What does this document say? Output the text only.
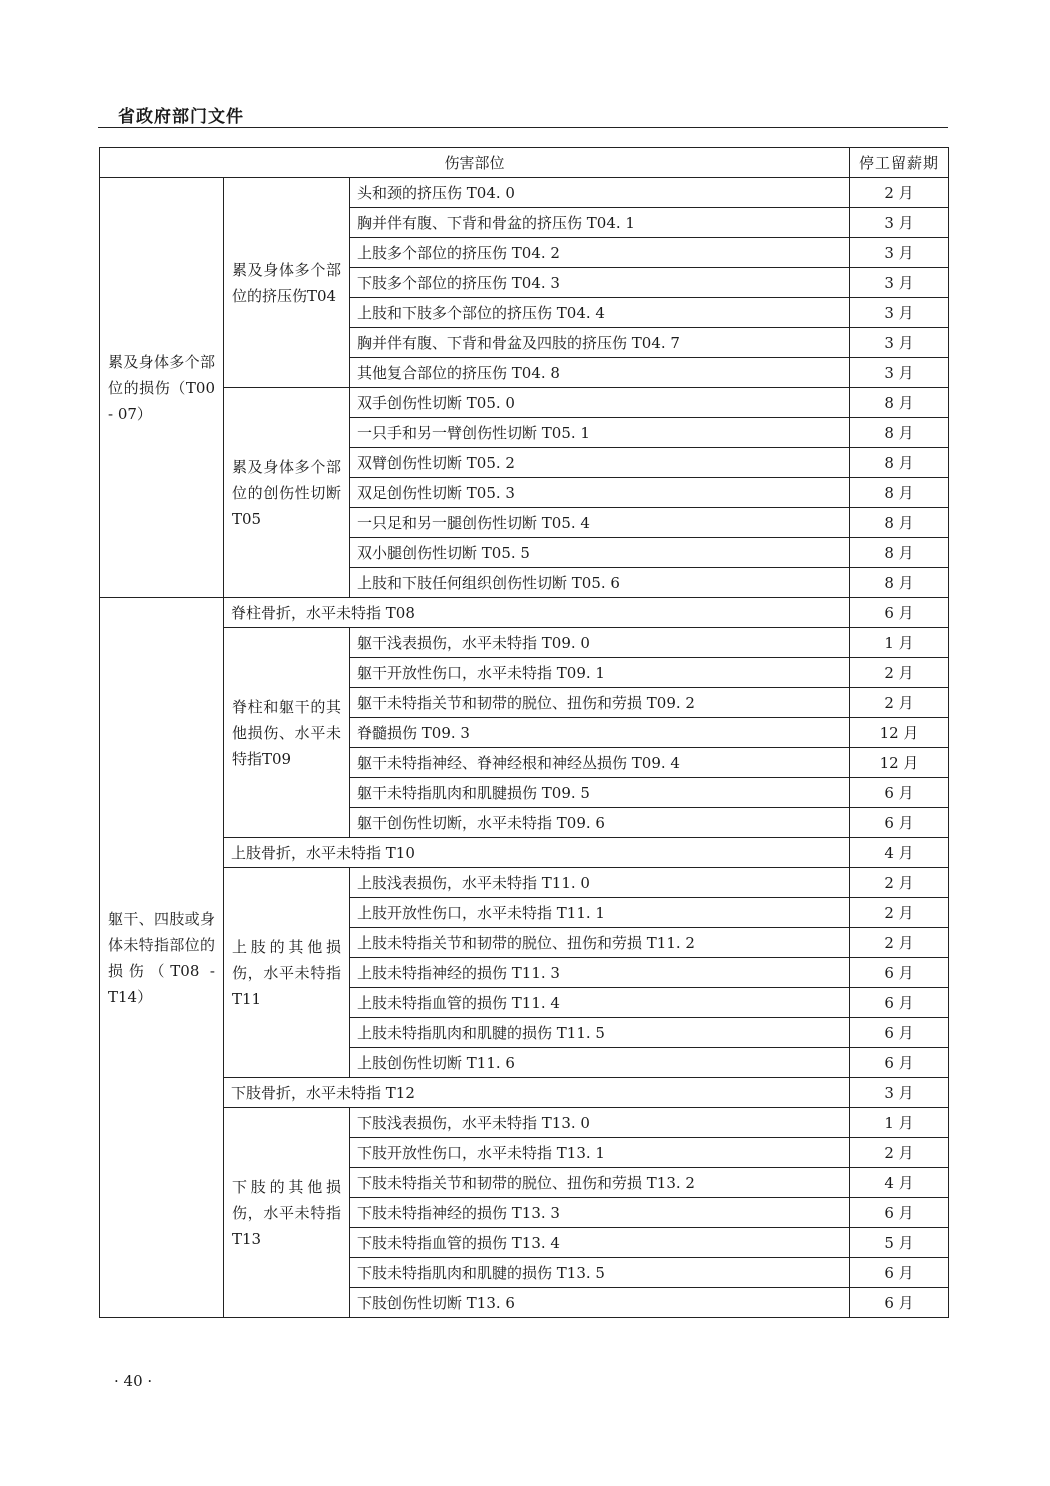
省政府部门文件
伤害部位			停工留薪期
累及身体多个部位的损伤（T00 - 07）	累及身体多个部位的挤压伤T04	头和颈的挤压伤 T04. 0	2 月
		胸并伴有腹、下背和骨盆的挤压伤 T04. 1	3 月
		上肢多个部位的挤压伤 T04. 2	3 月
		下肢多个部位的挤压伤 T04. 3	3 月
		上肢和下肢多个部位的挤压伤 T04. 4	3 月
		胸并伴有腹、下背和骨盆及四肢的挤压伤 T04. 7	3 月
		其他复合部位的挤压伤 T04. 8	3 月
	累及身体多个部位的创伤性切断T05	双手创伤性切断 T05. 0	8 月
		一只手和另一臂创伤性切断 T05. 1	8 月
		双臂创伤性切断 T05. 2	8 月
		双足创伤性切断 T05. 3	8 月
		一只足和另一腿创伤性切断 T05. 4	8 月
		双小腿创伤性切断 T05. 5	8 月
		上肢和下肢任何组织创伤性切断 T05. 6	8 月
躯干、四肢或身体未特指部位的损伤（T08 - T14）	脊柱骨折，水平未特指 T08		6 月
	脊柱和躯干的其他损伤、水平未特指T09	躯干浅表损伤，水平未特指 T09. 0	1 月
		躯干开放性伤口，水平未特指 T09. 1	2 月
		躯干未特指关节和韧带的脱位、扭伤和劳损 T09. 2	2 月
		脊髓损伤 T09. 3	12 月
		躯干未特指神经、脊神经根和神经丛损伤 T09. 4	12 月
		躯干未特指肌肉和肌腱损伤 T09. 5	6 月
		躯干创伤性切断，水平未特指 T09. 6	6 月
	上肢骨折，水平未特指 T10		4 月
	上肢的其他损伤，水平未特指T11	上肢浅表损伤，水平未特指 T11. 0	2 月
		上肢开放性伤口，水平未特指 T11. 1	2 月
		上肢未特指关节和韧带的脱位、扭伤和劳损 T11. 2	2 月
		上肢未特指神经的损伤 T11. 3	6 月
		上肢未特指血管的损伤 T11. 4	6 月
		上肢未特指肌肉和肌腱的损伤 T11. 5	6 月
		上肢创伤性切断 T11. 6	6 月
	下肢骨折，水平未特指 T12		3 月
	下肢的其他损伤，水平未特指T13	下肢浅表损伤，水平未特指 T13. 0	1 月
		下肢开放性伤口，水平未特指 T13. 1	2 月
		下肢未特指关节和韧带的脱位、扭伤和劳损 T13. 2	4 月
		下肢未特指神经的损伤 T13. 3	6 月
		下肢未特指血管的损伤 T13. 4	5 月
		下肢未特指肌肉和肌腱的损伤 T13. 5	6 月
		下肢创伤性切断 T13. 6	6 月
· 40 ·
